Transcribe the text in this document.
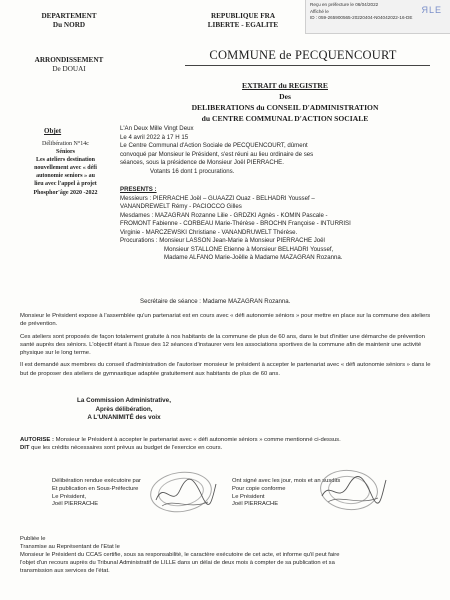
DEPARTEMENT
Du NORD
REPUBLIQUE FRA
LIBERTE - EGALITE
ARRONDISSEMENT
De DOUAI
Reçu en préfecture le 06/04/2022
Affiché le
ID : 059-265900565-20220404-N04042022-16-DE
ЯLE
COMMUNE de PECQUENCOURT
EXTRAIT du REGISTRE
Des
DELIBERATIONS du CONSEIL D'ADMINISTRATION
du CENTRE COMMUNAL D'ACTION SOCIALE
Objet
Délibération N°14c
Séniors
Les ateliers destination
nouvellement avec « défi
autonomie seniors » au
lieu avec l'appel à projet
Phosphor'âge 2020 -2022
L'An Deux Mille Vingt Deux
Le 4 avril 2022 à 17 H 15
Le Centre Communal d'Action Sociale de PECQUENCOURT, dûment
convoqué par Monsieur le Président, s'est réuni au lieu ordinaire de ses
séances, sous la présidence de Monsieur Joël PIERRACHE.
Votants 16 dont 1 procurations.
PRESENTS :
Messieurs : PIERRACHE Joël – GUAAZZI Ouaz - BELHADRI Youssef –
VANANDREWELT Rémy - PACIOCCO Gilles
Mesdames : MAZAGRAN Rozanne Lilie - GRDZKI Agnès - KOMIN Pascale -
FROMONT Fabienne - CORBEAU Marie-Thérèse - BROCHN Françoise - INTURRISI
Virginie - MARCZEWSKI Christiane - VANANDRUWELT Thérèse.
Procurations : Monsieur LASSON Jean-Marie à Monsieur PIERRACHE Joël
Monsieur STALLONE Etienne à Monsieur BELHADRI Youssef,
Madame ALFANO Marie-Joëlle à Madame MAZAGRAN Rozanna.
Secrétaire de séance : Madame MAZAGRAN Rozanna.

Monsieur le Président expose à l'assemblée qu'un partenariat est en cours avec « défi autonomie séniors » pour mettre en place sur la commune des ateliers de prévention.

Ces ateliers sont proposés de façon totalement gratuite à nos habitants de la commune de plus de 60 ans, dans le but d'initier une démarche de prévention santé auprès des séniors. L'objectif étant à l'issue des 12 séances d'instaurer vers les associations sportives de la commune afin de maintenir une activité physique sur le long terme.

Il est demandé aux membres du conseil d'administration de l'autoriser monsieur le président à accepter le partenariat avec « défi autonomie séniors » dans le but de proposer des ateliers de gymnastique adaptée gratuitement aux habitants de plus de 60 ans.

La Commission Administrative,
Après délibération,
A L'UNANIMITÉ des voix
AUTORISE : Monsieur le Président à accepter le partenariat avec « défi autonomie séniors » comme mentionné ci-dessus.
DIT que les crédits nécessaires sont prévus au budget de l'exercice en cours.
Délibération rendue exécutoire par
Et publication en Sous-Préfecture
Le Président,
Joël PIERRACHE
Ont signé avec les jour, mois et an susdits
Pour copie conforme
Le Président
Joël PIERRACHE
Publiée le
Transmise au Représentant de l'Etat le
Monsieur le Président du CCAS certifie, sous sa responsabilité, le caractère exécutoire de cet acte, et informe qu'il peut faire
l'objet d'un recours auprès du Tribunal Administratif de LILLE dans un délai de deux mois à compter de sa publication et sa
transmission aux services de l'état.
